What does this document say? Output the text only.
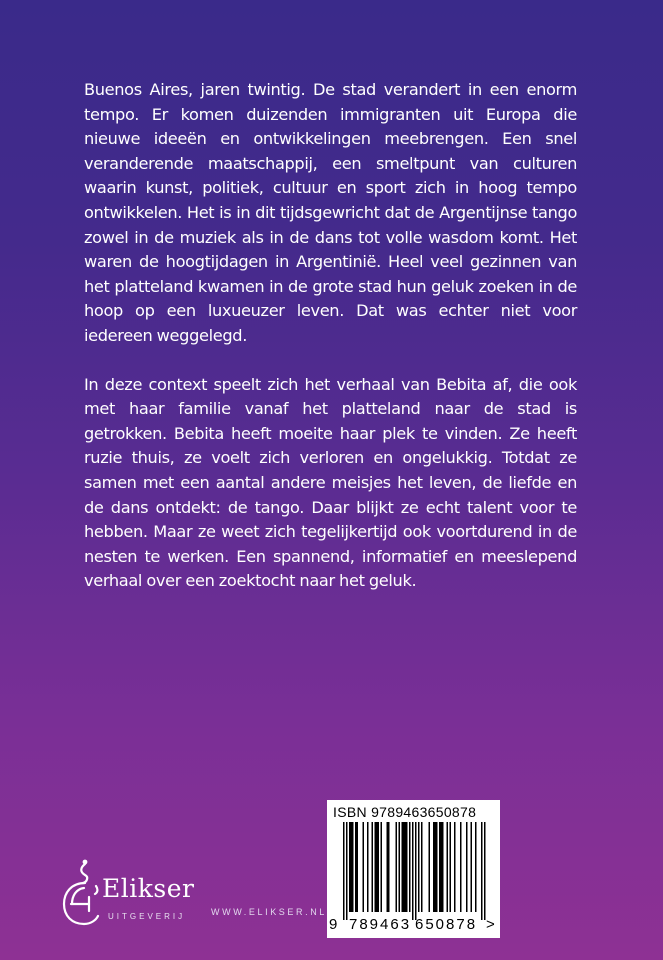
Buenos Aires, jaren twintig. De stad verandert in een enorm tempo. Er komen duizenden immigranten uit Europa die nieuwe ideeën en ontwikkelingen meebrengen. Een snel veranderende maatschappij, een smeltpunt van culturen waarin kunst, politiek, cultuur en sport zich in hoog tempo ontwikkelen. Het is in dit tijdsgewricht dat de Argentijnse tango zowel in de muziek als in de dans tot volle wasdom komt. Het waren de hoogtijdagen in Argentinië. Heel veel gezinnen van het platteland kwamen in de grote stad hun geluk zoeken in de hoop op een luxueuzer leven. Dat was echter niet voor iedereen weggelegd.

In deze context speelt zich het verhaal van Bebita af, die ook met haar familie vanaf het platteland naar de stad is getrokken. Bebita heeft moeite haar plek te vinden. Ze heeft ruzie thuis, ze voelt zich verloren en ongelukkig. Totdat ze samen met een aantal andere meisjes het leven, de liefde en de dans ontdekt: de tango. Daar blijkt ze echt talent voor te hebben. Maar ze weet zich tegelijkertijd ook voortdurend in de nesten te werken. Een spannend, informatief en meeslepend verhaal over een zoektocht naar het geluk.

Elikser
UITGEVERIJ	WWW.ELIKSER.NL
ISBN 9789463650878
9 789463 650878 >
